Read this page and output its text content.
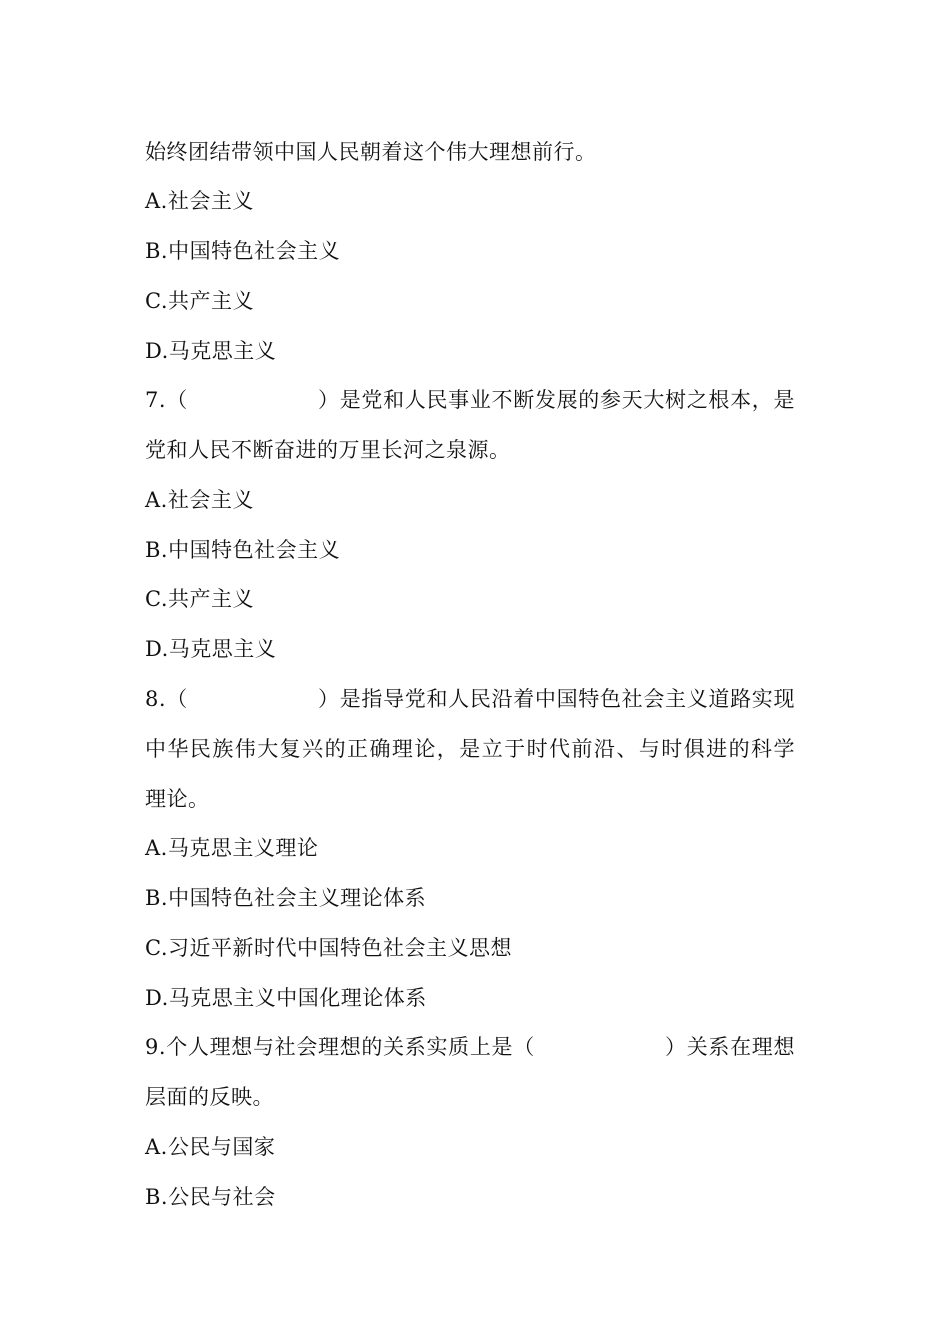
始终团结带领中国人民朝着这个伟大理想前行。
A.社会主义
B.中国特色社会主义
C.共产主义
D.马克思主义
7.（　　　　　　）是党和人民事业不断发展的参天大树之根本，是
党和人民不断奋进的万里长河之泉源。
A.社会主义
B.中国特色社会主义
C.共产主义
D.马克思主义
8.（　　　　　　）是指导党和人民沿着中国特色社会主义道路实现
中华民族伟大复兴的正确理论，是立于时代前沿、与时俱进的科学
理论。
A.马克思主义理论
B.中国特色社会主义理论体系
C.习近平新时代中国特色社会主义思想
D.马克思主义中国化理论体系
9.个人理想与社会理想的关系实质上是（　　　　　　）关系在理想
层面的反映。
A.公民与国家
B.公民与社会
